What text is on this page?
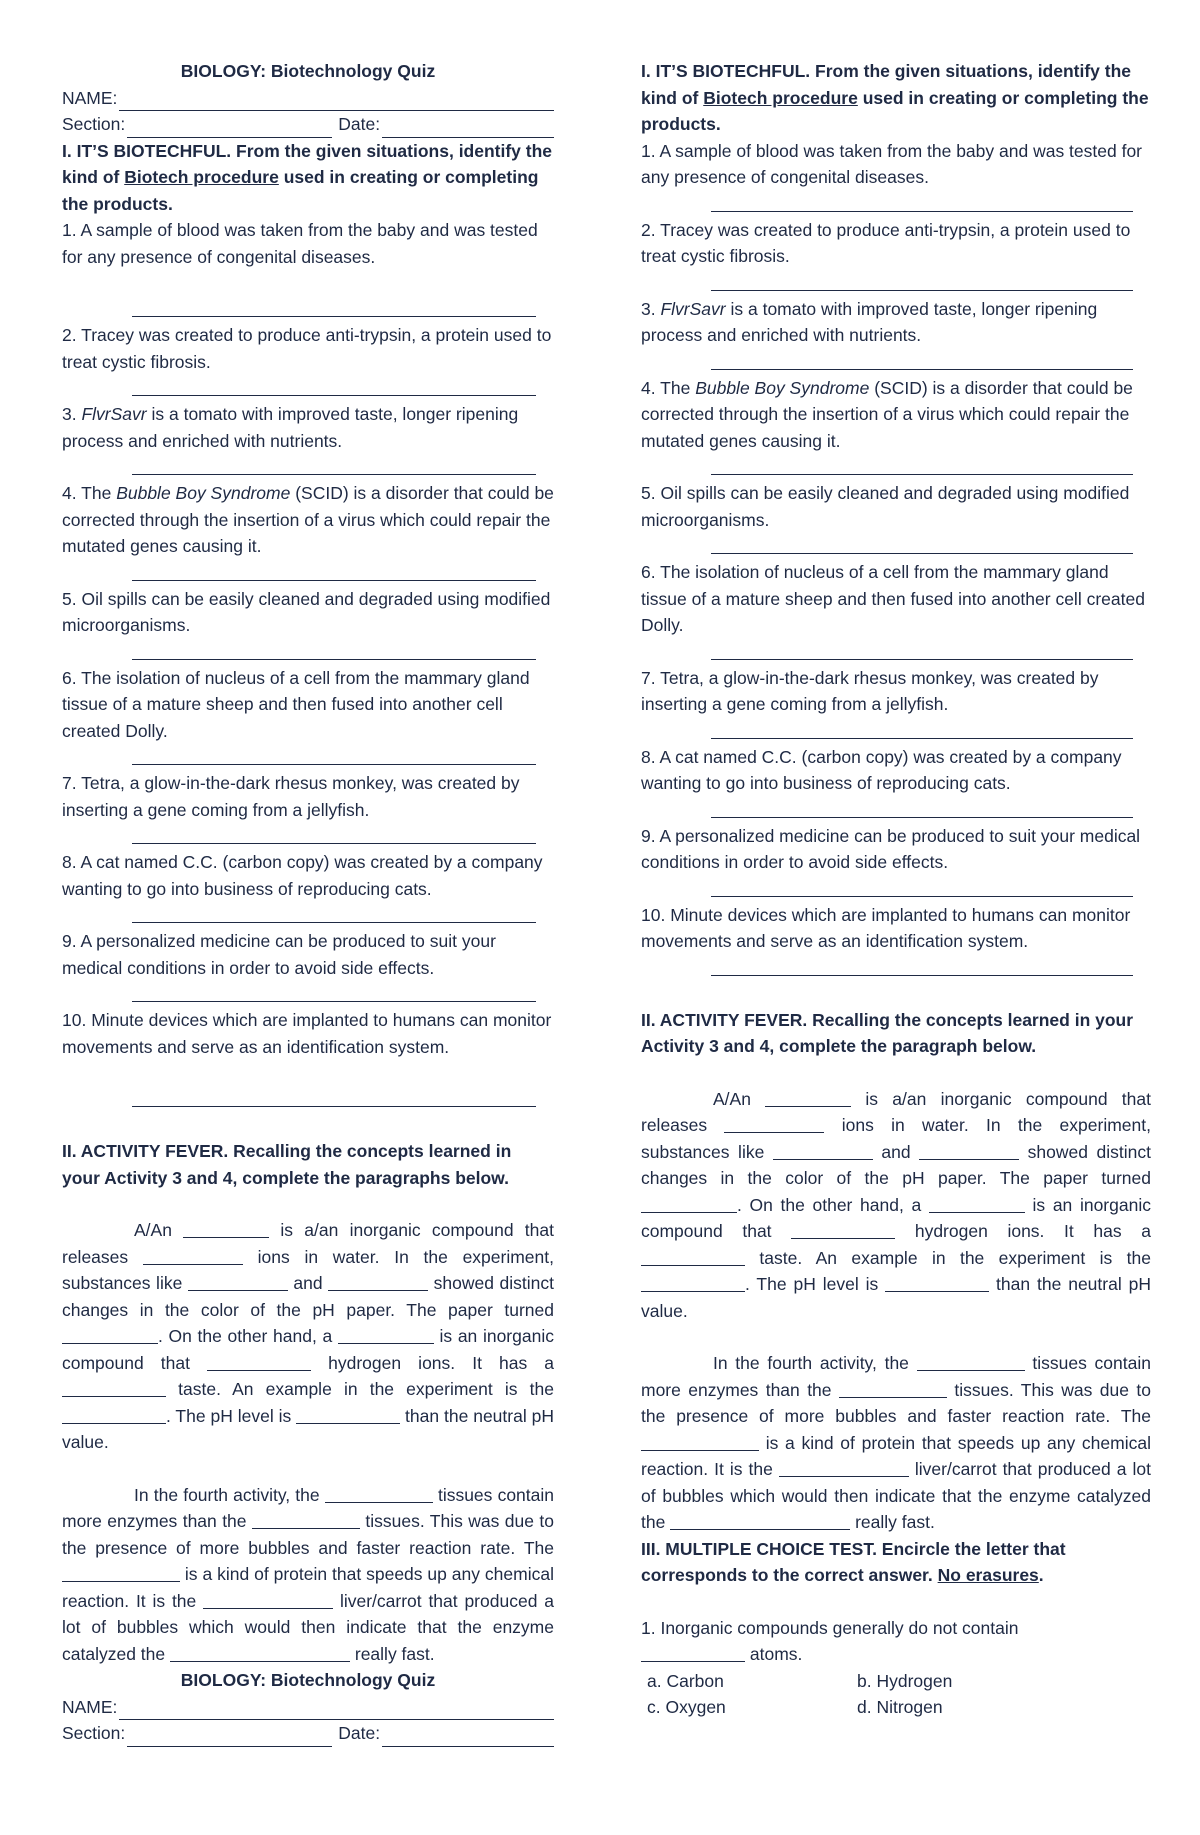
BIOLOGY: Biotechnology Quiz

NAME:
Section:	Date:

I. IT’S BIOTECHFUL. From the given situations, identify the kind of Biotech procedure used in creating or completing the products.

1. A sample of blood was taken from the baby and was tested for any presence of congenital diseases.

2. Tracey was created to produce anti-trypsin, a protein used to treat cystic fibrosis.

3. FlvrSavr is a tomato with improved taste, longer ripening process and enriched with nutrients.

4. The Bubble Boy Syndrome (SCID) is a disorder that could be corrected through the insertion of a virus which could repair the mutated genes causing it.

5. Oil spills can be easily cleaned and degraded using modified microorganisms.

6. The isolation of nucleus of a cell from the mammary gland tissue of a mature sheep and then fused into another cell created Dolly.

7. Tetra, a glow-in-the-dark rhesus monkey, was created by inserting a gene coming from a jellyfish.

8. A cat named C.C. (carbon copy) was created by a company wanting to go into business of reproducing cats.

9. A personalized medicine can be produced to suit your medical conditions in order to avoid side effects.

10. Minute devices which are implanted to humans can monitor movements and serve as an identification system.

II. ACTIVITY FEVER. Recalling the concepts learned in your Activity 3 and 4, complete the paragraphs below.

A/An	is a/an inorganic compound that releases	ions in water. In the experiment, substances like	and	showed distinct changes in the color of the pH paper. The paper turned . On the other hand, a	is an inorganic compound that	hydrogen ions. It has a  taste. An example in the experiment is the . The pH level is	than the neutral pH value.

In the fourth activity, the	tissues contain more enzymes than the	tissues. This was due to the presence of more bubbles and faster reaction rate. The  is a kind of protein that speeds up any chemical reaction. It is the	liver/carrot that produced a lot of bubbles which would then indicate that the enzyme catalyzed the	really fast.

BIOLOGY: Biotechnology Quiz

NAME:
Section:	Date:

I. IT’S BIOTECHFUL. From the given situations, identify the kind of Biotech procedure used in creating or completing the products.

1. A sample of blood was taken from the baby and was tested for any presence of congenital diseases.

2. Tracey was created to produce anti-trypsin, a protein used to treat cystic fibrosis.

3. FlvrSavr is a tomato with improved taste, longer ripening process and enriched with nutrients.

4. The Bubble Boy Syndrome (SCID) is a disorder that could be corrected through the insertion of a virus which could repair the mutated genes causing it.

5. Oil spills can be easily cleaned and degraded using modified microorganisms.

6. The isolation of nucleus of a cell from the mammary gland tissue of a mature sheep and then fused into another cell created Dolly.

7. Tetra, a glow-in-the-dark rhesus monkey, was created by inserting a gene coming from a jellyfish.

8. A cat named C.C. (carbon copy) was created by a company wanting to go into business of reproducing cats.

9. A personalized medicine can be produced to suit your medical conditions in order to avoid side effects.

10. Minute devices which are implanted to humans can monitor movements and serve as an identification system.

II. ACTIVITY FEVER. Recalling the concepts learned in your Activity 3 and 4, complete the paragraph below.

A/An	is a/an inorganic compound that releases	ions in water. In the experiment, substances like	and	showed distinct changes in the color of the pH paper. The paper turned . On the other hand, a	is an inorganic compound that	hydrogen ions. It has a  taste. An example in the experiment is the . The pH level is	than the neutral pH value.

In the fourth activity, the	tissues contain more enzymes than the	tissues. This was due to the presence of more bubbles and faster reaction rate. The  is a kind of protein that speeds up any chemical reaction. It is the	liver/carrot that produced a lot of bubbles which would then indicate that the enzyme catalyzed the	really fast.

III. MULTIPLE CHOICE TEST. Encircle the letter that corresponds to the correct answer. No erasures.

1. Inorganic compounds generally do not contain
atoms.

a. Carbon	b. Hydrogen
c. Oxygen	d. Nitrogen
